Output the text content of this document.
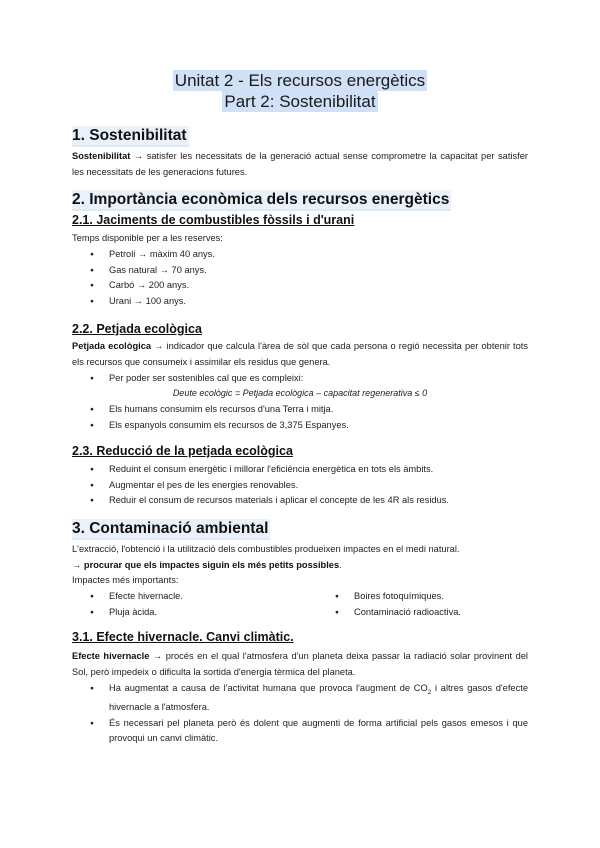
Unitat 2 - Els recursos energètics
Part 2: Sostenibilitat
1. Sostenibilitat
Sostenibilitat → satisfer les necessitats de la generació actual sense comprometre la capacitat per satisfer les necessitats de les generacions futures.
2. Importància econòmica dels recursos energètics
2.1. Jaciments de combustibles fòssils i d'urani
Temps disponible per a les reserves:
● Petroli → màxim 40 anys.
● Gas natural → 70 anys.
● Carbó → 200 anys.
● Urani → 100 anys.
2.2. Petjada ecològica
Petjada ecològica → indicador que calcula l'àrea de sòl que cada persona o regió necessita per obtenir tots els recursos que consumeix i assimilar els residus que genera.
● Per poder ser sostenibles cal que es compleixi:
Deute ecològic = Petjada ecològica – capacitat regenerativa ≤ 0
● Els humans consumim els recursos d'una Terra i mitja.
● Els espanyols consumim els recursos de 3,375 Espanyes.
2.3. Reducció de la petjada ecològica
● Reduint el consum energètic i millorar l'eficiència energètica en tots els àmbits.
● Augmentar el pes de les energies renovables.
● Reduir el consum de recursos materials i aplicar el concepte de les 4R als residus.
3. Contaminació ambiental
L'extracció, l'obtenció i la utilització dels combustibles produeixen impactes en el medi natural.
→ procurar que els impactes siguin els més petits possibles.
Impactes més importants:
● Efecte hivernacle.
● Pluja àcida.
● Boires fotoquímiques.
● Contaminació radioactiva.
3.1. Efecte hivernacle. Canvi climàtic.
Efecte hivernacle → procés en el qual l'atmosfera d'un planeta deixa passar la radiació solar provinent del Sol, però impedeix o dificulta la sortida d'energia tèrmica del planeta.
● Ha augmentat a causa de l'activitat humana que provoca l'augment de $CO_2$ i altres gasos d'efecte hivernacle a l'atmosfera.
● És necessari pel planeta però és dolent que augmenti de forma artificial pels gasos emesos i que provoqui un canvi climàtic.
